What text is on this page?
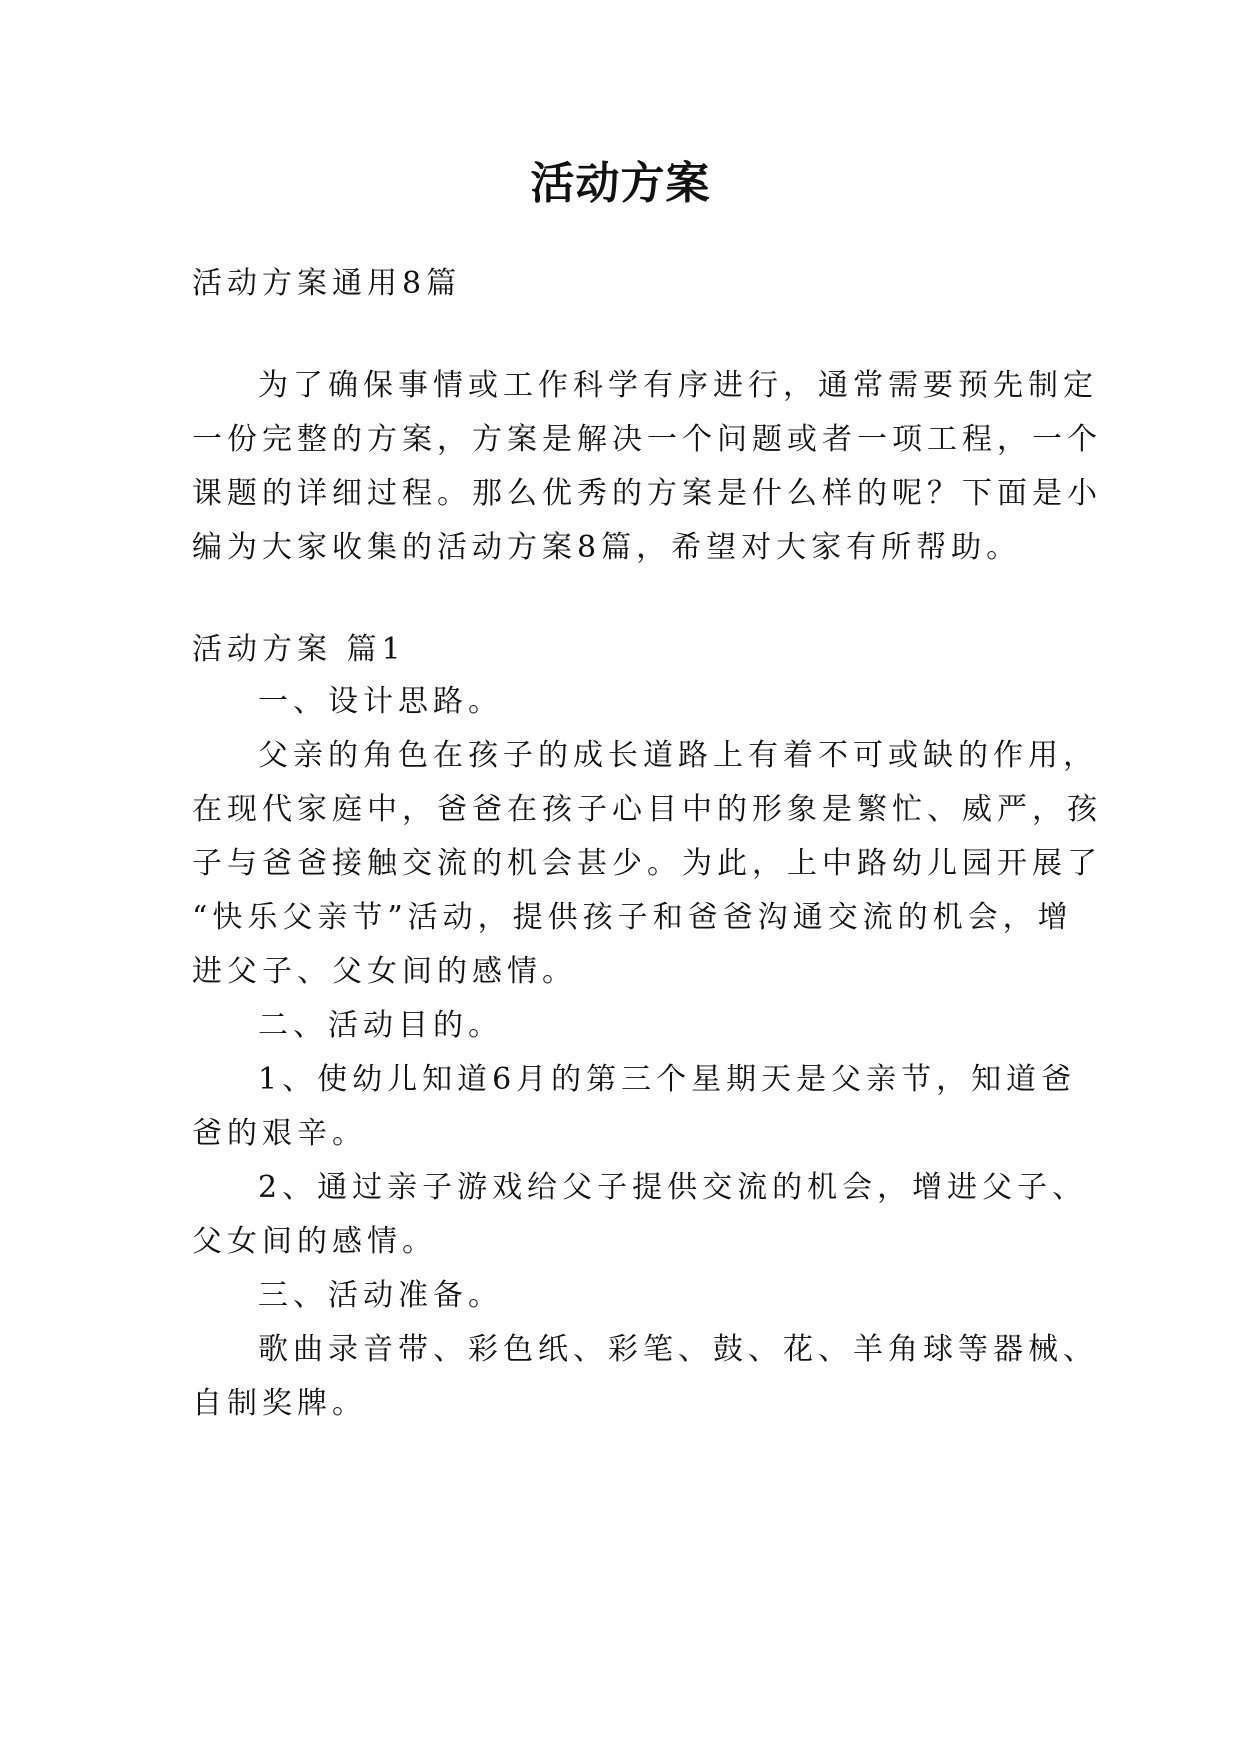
活动方案
活动方案通用8篇
为了确保事情或工作科学有序进行，通常需要预先制定
一份完整的方案，方案是解决一个问题或者一项工程，一个
课题的详细过程。那么优秀的方案是什么样的呢？下面是小
编为大家收集的活动方案8篇，希望对大家有所帮助。
活动方案 篇1
一、设计思路。
父亲的角色在孩子的成长道路上有着不可或缺的作用，
在现代家庭中，爸爸在孩子心目中的形象是繁忙、威严，孩
子与爸爸接触交流的机会甚少。为此，上中路幼儿园开展了
“快乐父亲节”活动，提供孩子和爸爸沟通交流的机会，增
进父子、父女间的感情。
二、活动目的。
1、使幼儿知道6月的第三个星期天是父亲节，知道爸
爸的艰辛。
2、通过亲子游戏给父子提供交流的机会，增进父子、
父女间的感情。
三、活动准备。
歌曲录音带、彩色纸、彩笔、鼓、花、羊角球等器械、
自制奖牌。
